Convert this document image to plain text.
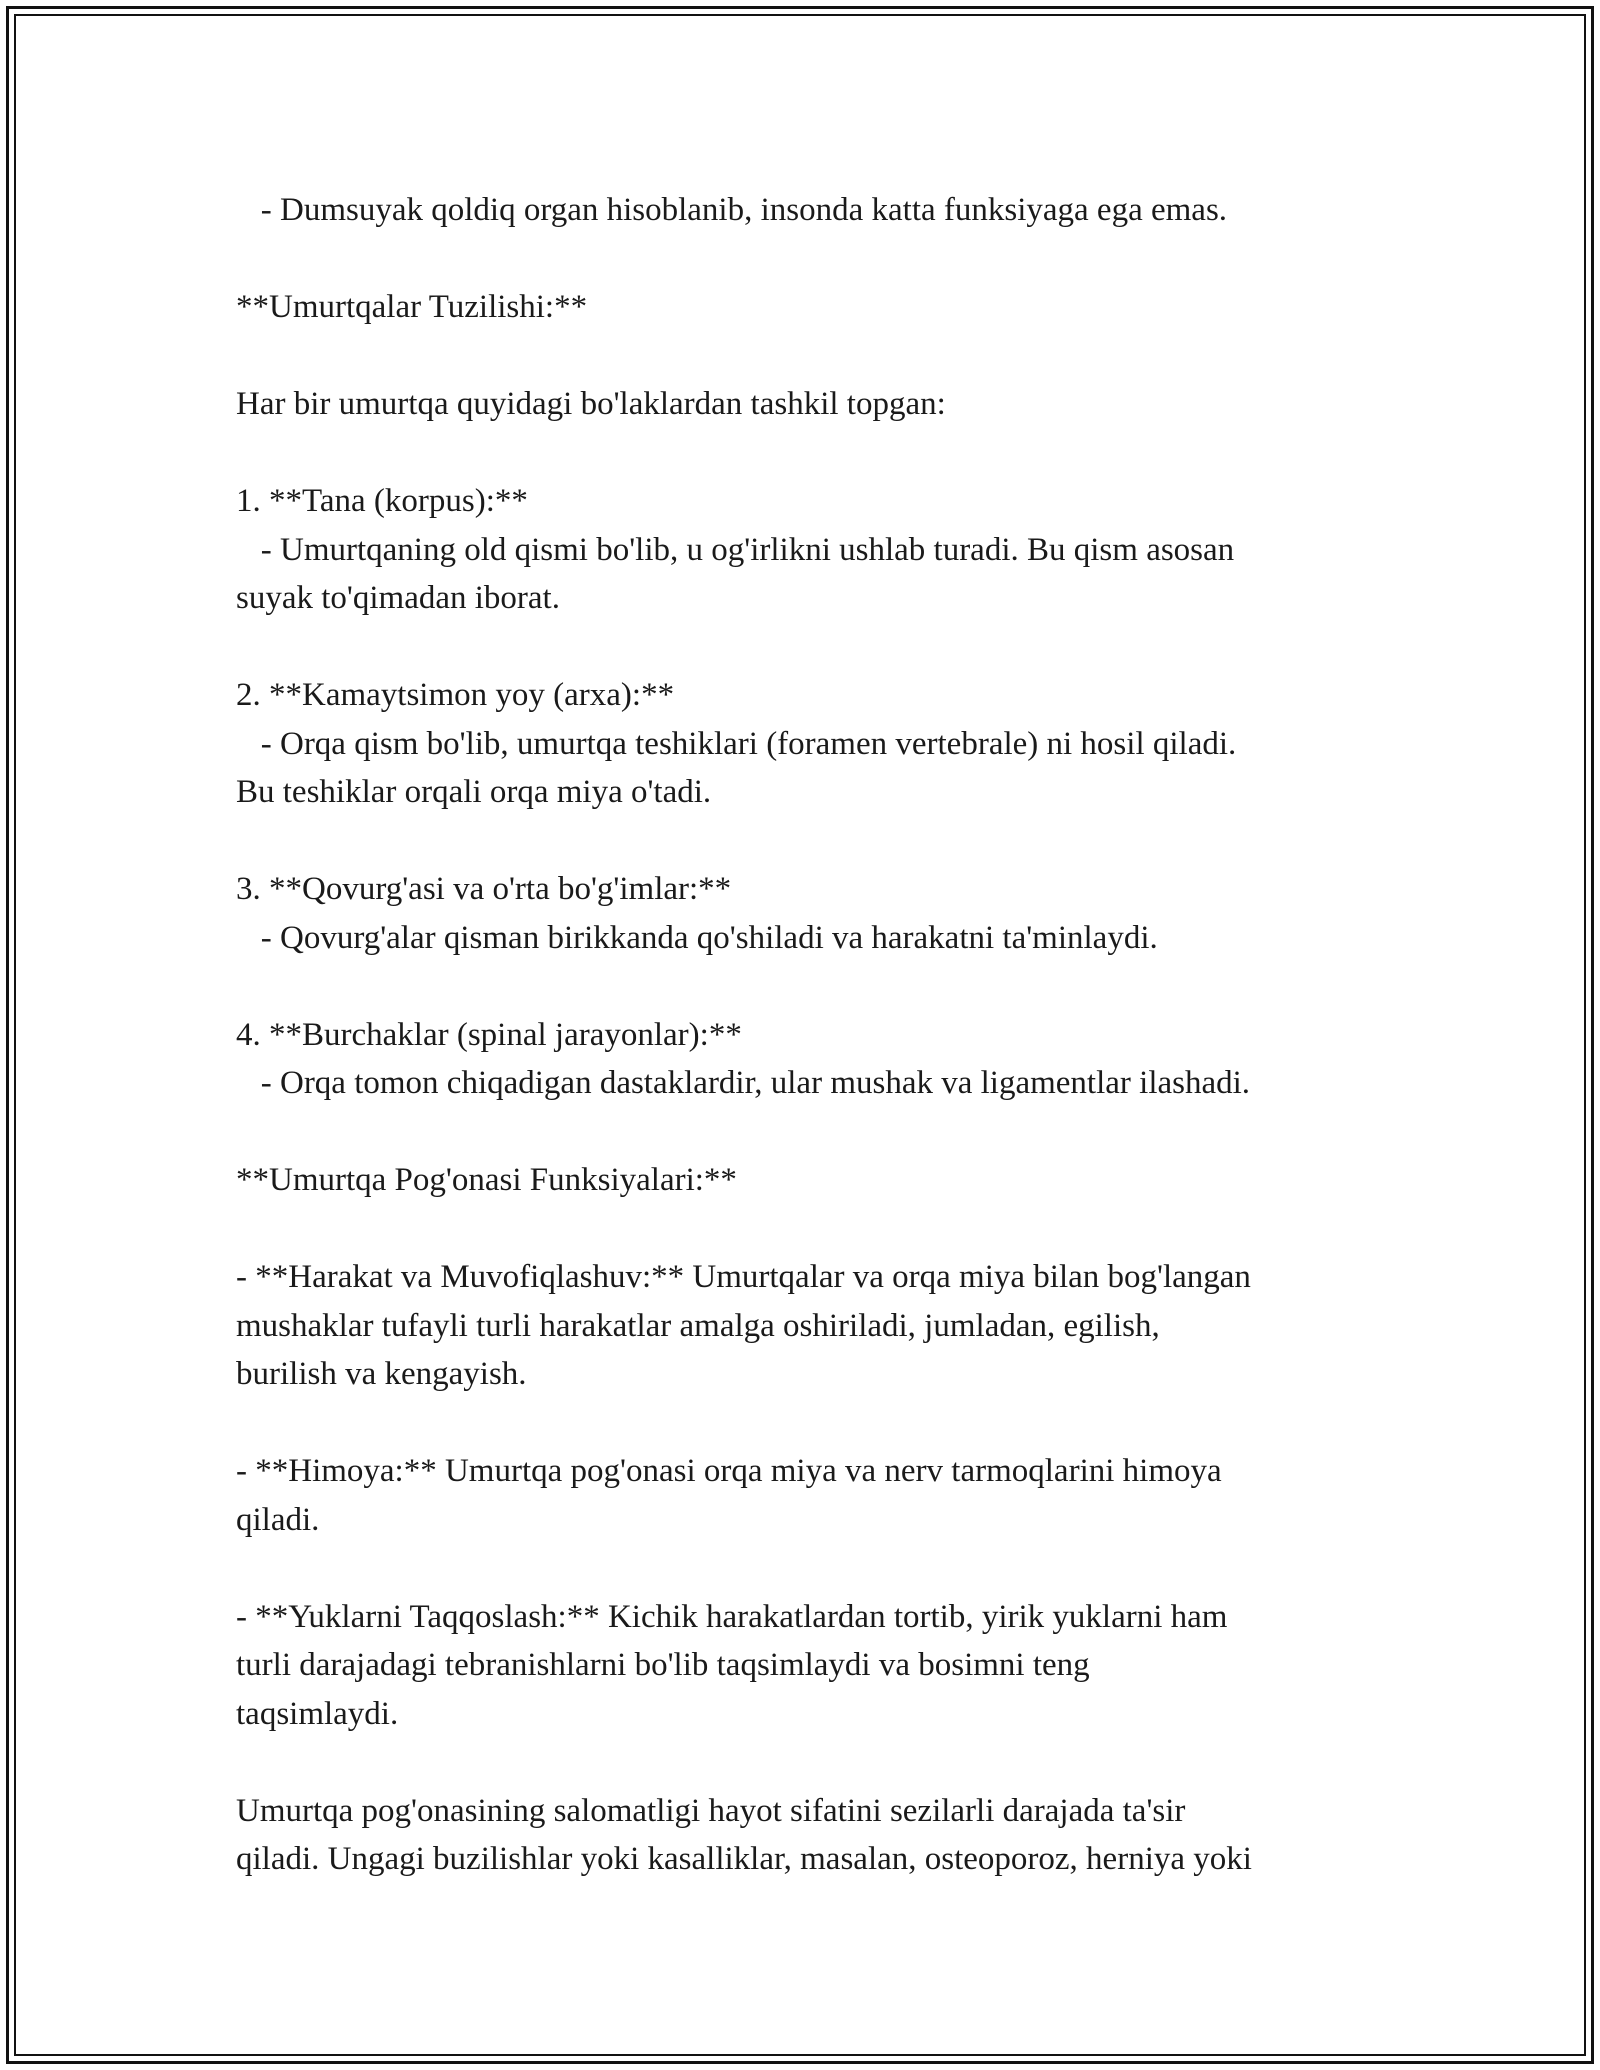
- Dumsuyak qoldiq organ hisoblanib, insonda katta funksiyaga ega emas.
**Umurtqalar Tuzilishi:**
Har bir umurtqa quyidagi bo'laklardan tashkil topgan:
1. **Tana (korpus):**
- Umurtqaning old qismi bo'lib, u og'irlikni ushlab turadi. Bu qism asosan
suyak to'qimadan iborat.
2. **Kamaytsimon yoy (arxa):**
- Orqa qism bo'lib, umurtqa teshiklari (foramen vertebrale) ni hosil qiladi.
Bu teshiklar orqali orqa miya o'tadi.
3. **Qovurg'asi va o'rta bo'g'imlar:**
- Qovurg'alar qisman birikkanda qo'shiladi va harakatni ta'minlaydi.
4. **Burchaklar (spinal jarayonlar):**
- Orqa tomon chiqadigan dastaklardir, ular mushak va ligamentlar ilashadi.
**Umurtqa Pog'onasi Funksiyalari:**
- **Harakat va Muvofiqlashuv:** Umurtqalar va orqa miya bilan bog'langan
mushaklar tufayli turli harakatlar amalga oshiriladi, jumladan, egilish,
burilish va kengayish.
- **Himoya:** Umurtqa pog'onasi orqa miya va nerv tarmoqlarini himoya
qiladi.
- **Yuklarni Taqqoslash:** Kichik harakatlardan tortib, yirik yuklarni ham
turli darajadagi tebranishlarni bo'lib taqsimlaydi va bosimni teng
taqsimlaydi.
Umurtqa pog'onasining salomatligi hayot sifatini sezilarli darajada ta'sir
qiladi. Ungagi buzilishlar yoki kasalliklar, masalan, osteoporoz, herniya yoki
